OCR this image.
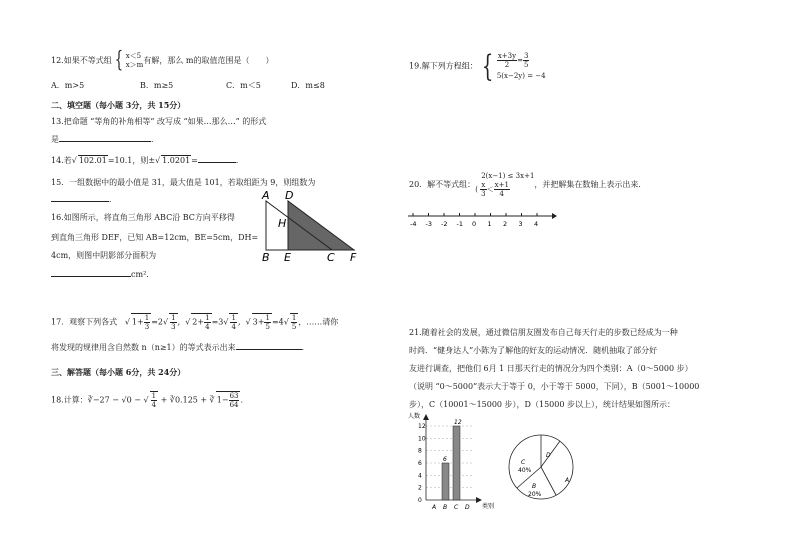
12.如果不等式组 { x＜5
x＞m 有解，那么 m的取值范围是（　　）
A．m>5	B．m≥5	C．m＜5	D．m≤8
二、填空题（每小题 3分，共 15分）
13.把命题 “等角的补角相等” 改写成 “如果…那么…” 的形式
是	．
14.若√ 102.01=10.1，则±√ 1.0201=	．
15．一组数据中的最小值是 31，最大值是 101，若取组距为 9，则组数为
．
16.如图所示，将直角三角形 ABC沿 BC方向平移得
到直角三角形 DEF，已知 AB=12cm，BE=5cm，DH=
4cm，则图中阴影部分面积为
cm²．
A D
H
B E	C F
17．观察下列各式   √ $1+ \frac{1}{3} =2√ \frac{1}{3}$ ,  √ $2+ \frac{1}{4} =3√ \frac{1}{4}$ ,  √ $3+ \frac{1}{5} =4√ \frac{1}{5}$ ，……请你
将发现的规律用含自然数 n（n≥1）的等式表示出来	．
三、解答题（每小题 6分，共 24分）
18.计算：∛−27 − √0 − √ $\frac{1}{4}$ + ∛0.125 + ∛ $1- \frac{63}{64}$ ．
19.解下列方程组： { $\frac{x+3y}{2} = \frac{3}{5}$
5(x−2y) = −4
20．解不等式组：
2(x−1) ≤ 3x+1
( $\frac{x}{3} < \frac{x+1}{4}$	，并把解集在数轴上表示出来．
-4 -3 -2 -1 0 1 2 3 4
21.随着社会的发展，通过微信朋友圈发布自己每天行走的步数已经成为一种
时尚．“健身达人”小陈为了解他的好友的运动情况．随机抽取了部分好
友进行调查，把他们 6月 1 日那天行走的情况分为四个类别：A（0～5000 步）
（说明 “0～5000”表示大于等于 0，小于等于 5000，下同），B（5001～10000
步），C（10001～15000 步），D（15000 步以上），统计结果如图所示：
0
2
4
6
8
10
12
人数
类别
A B
6
C
12
D
C
40%
D
A
B
20%
